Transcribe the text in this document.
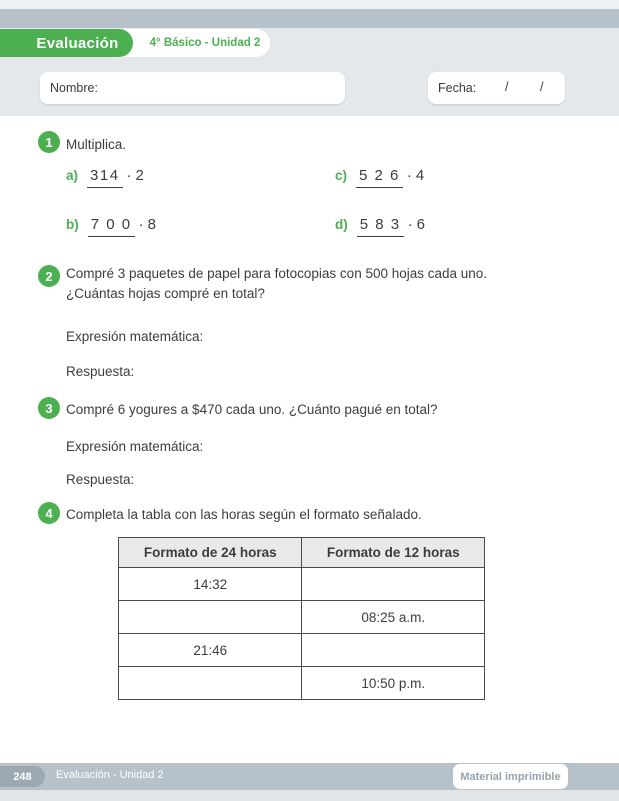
4° Básico - Unidad 2
Evaluación
Nombre:	Fecha: /	/
1 Multiplica.
a) 314 · 2	c) 5 2 6 · 4
b) 7 0 0 · 8	d) 5 8 3 · 6
2 Compré 3 paquetes de papel para fotocopias con 500 hojas cada uno.
¿Cuántas hojas compré en total?
Expresión matemática:
Respuesta:
3 Compré 6 yogures a $470 cada uno. ¿Cuánto pagué en total?
Expresión matemática:
Respuesta:
4 Completa la tabla con las horas según el formato señalado.
Formato de 24 horas	Formato de 12 horas
14:32	
	08:25 a.m.
21:46	
	10:50 p.m.
248 Evaluación - Unidad 2	Material imprimible
